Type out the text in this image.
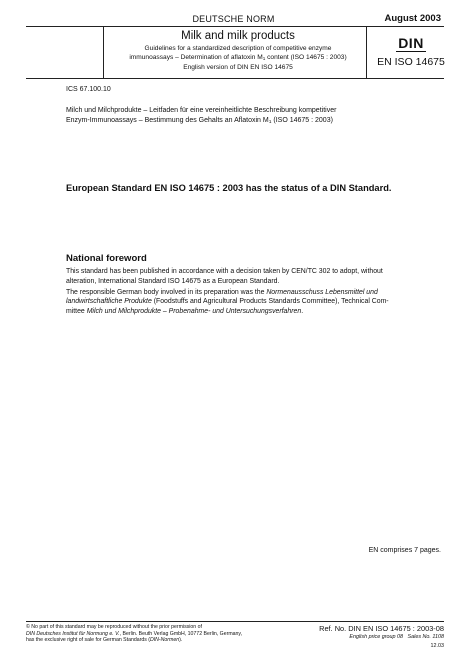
DEUTSCHE NORM	August 2003
Milk and milk products
Guidelines for a standardized description of competitive enzyme
immunoassays – Determination of aflatoxin $M_1$ content (ISO 14675 : 2003)
English version of DIN EN ISO 14675
DIN
EN ISO 14675
ICS 67.100.10
Milch und Milchprodukte – Leitfaden für eine vereinheitlichte Beschreibung kompetitiver
Enzym-Immunoassays – Bestimmung des Gehalts an Aflatoxin $M_1$ (ISO 14675 : 2003)
European Standard EN ISO 14675 : 2003 has the status of a DIN Standard.
National foreword

This standard has been published in accordance with a decision taken by CEN/TC 302 to adopt, without
alteration, International Standard ISO 14675 as a European Standard.

The responsible German body involved in its preparation was the Normenausschuss Lebensmittel und
landwirtschaftliche Produkte (Foodstuffs and Agricultural Products Standards Committee), Technical Com-
mittee Milch und Milchprodukte – Probenahme- und Untersuchungsverfahren.

EN comprises 7 pages.
© No part of this standard may be reproduced without the prior permission of
DIN Deutsches Institut für Normung e. V., Berlin. Beuth Verlag GmbH, 10772 Berlin, Germany,
has the exclusive right of sale for German Standards (DIN-Normen).
Ref. No. DIN EN ISO 14675 : 2003-08
English price group 08 Sales No. 1108
12.03
